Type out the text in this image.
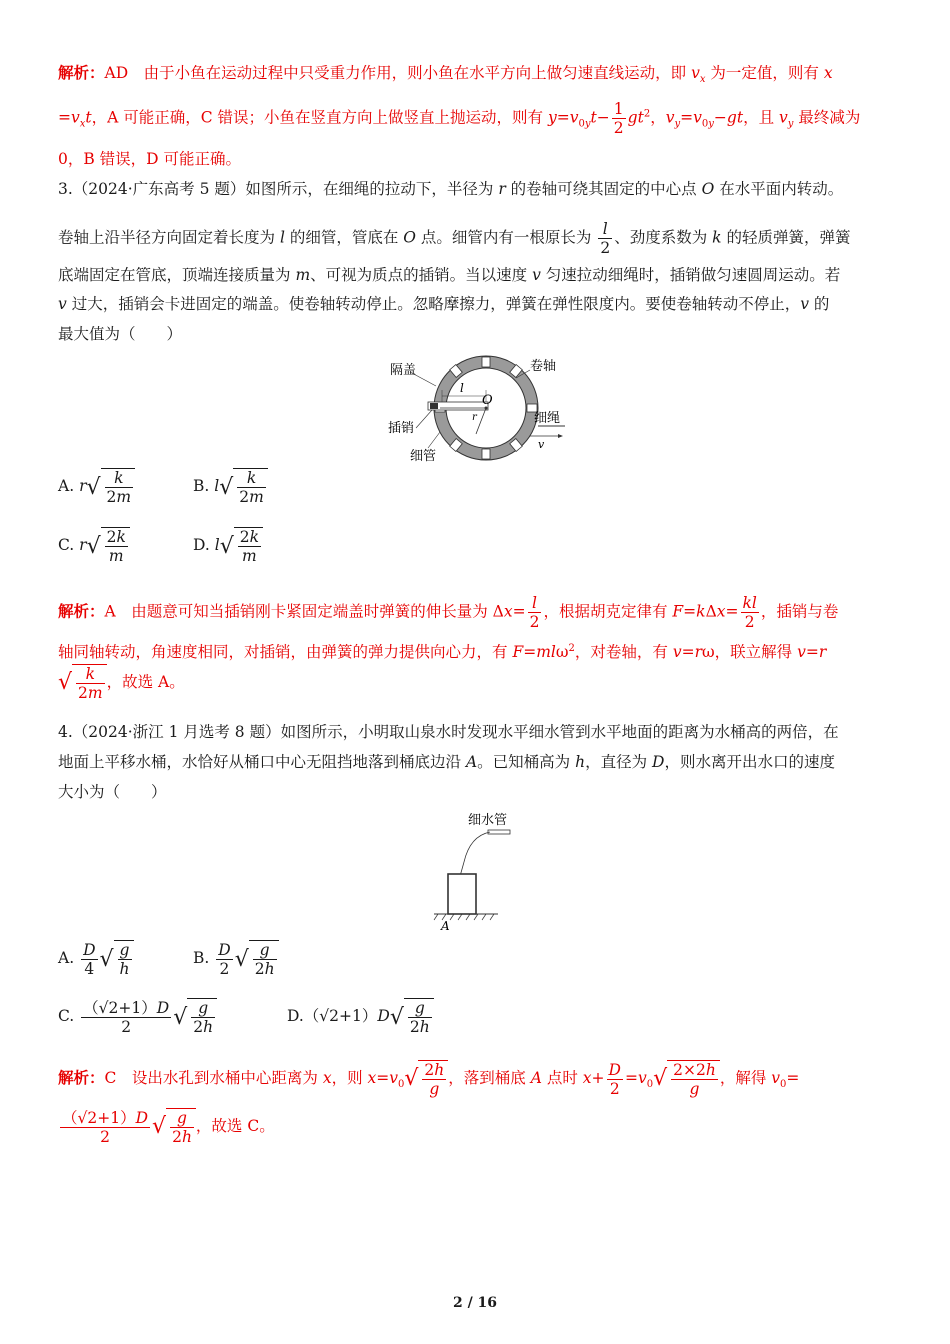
解析：AD　由于小鱼在运动过程中只受重力作用，则小鱼在水平方向上做匀速直线运动，即 $v_x$ 为一定值，则有 x
$=v_xt$，A 可能正确，C 错误；小鱼在竖直方向上做竖直上抛运动，则有 $y=v_{0y}t- \frac{1}{2} gt^2$，$v_y=v_{0y}-gt$，且 $v_y$ 最终减为
0，B 错误，D 可能正确。
3.（2024·广东高考 5 题）如图所示，在细绳的拉动下，半径为 r 的卷轴可绕其固定的中心点 O 在水平面内转动。
卷轴上沿半径方向固定着长度为 l 的细管，管底在 O 点。细管内有一根原长为 $\frac{l}{2}$ 、劲度系数为 k 的轻质弹簧，弹簧
底端固定在管底，顶端连接质量为 m、可视为质点的插销。当以速度 v 匀速拉动细绳时，插销做匀速圆周运动。若
v 过大，插销会卡进固定的端盖。使卷轴转动停止。忽略摩擦力，弹簧在弹性限度内。要使卷轴转动不停止，v 的
最大值为（　　）
隔盖	卷轴
l
O
r
插销
细绳
v
细管
A. $r√ \frac{k}{2m}$	B. $l√ \frac{k}{2m}$
C. $r√ \frac{2k}{m}$	D. $l√ \frac{2k}{m}$
解析：A　由题意可知当插销刚卡紧固定端盖时弹簧的伸长量为 $\Delta x= \frac{l}{2}$ ，根据胡克定律有 $F=k\Delta x= \frac{kl}{2}$ ，插销与卷
轴同轴转动，角速度相同，对插销，由弹簧的弹力提供向心力，有 F=mlω$^2$，对卷轴，有 v=rω，联立解得 v=r
√ $\frac{k}{2m}$ ，故选 A。
4.（2024·浙江 1 月选考 8 题）如图所示，小明取山泉水时发现水平细水管到水平地面的距离为水桶高的两倍，在
地面上平移水桶，水恰好从桶口中心无阻挡地落到桶底边沿 A。已知桶高为 h，直径为 D，则水离开出水口的速度
大小为（　　）
细水管
A
A. $\frac{D}{4}$ √ $\frac{g}{h}$	B. $\frac{D}{2}$ √ $\frac{g}{2h}$
C. $\frac{(√2+1)D}{2}$ √ $\frac{g}{2h}$	$D.(√2+1)D√ \frac{g}{2h}$
解析：C　设出水孔到水桶中心距离为 x，则 $x=v_0√ \frac{2h}{g}$ ，落到桶底 A 点时 $x+ \frac{D}{2} =v_0√ \frac{2\times 2h}{g}$ ，解得 $v_0=$
$\frac{(√2+1)D}{2}$ √ $\frac{g}{2h}$ ，故选 C。
2 / 16
